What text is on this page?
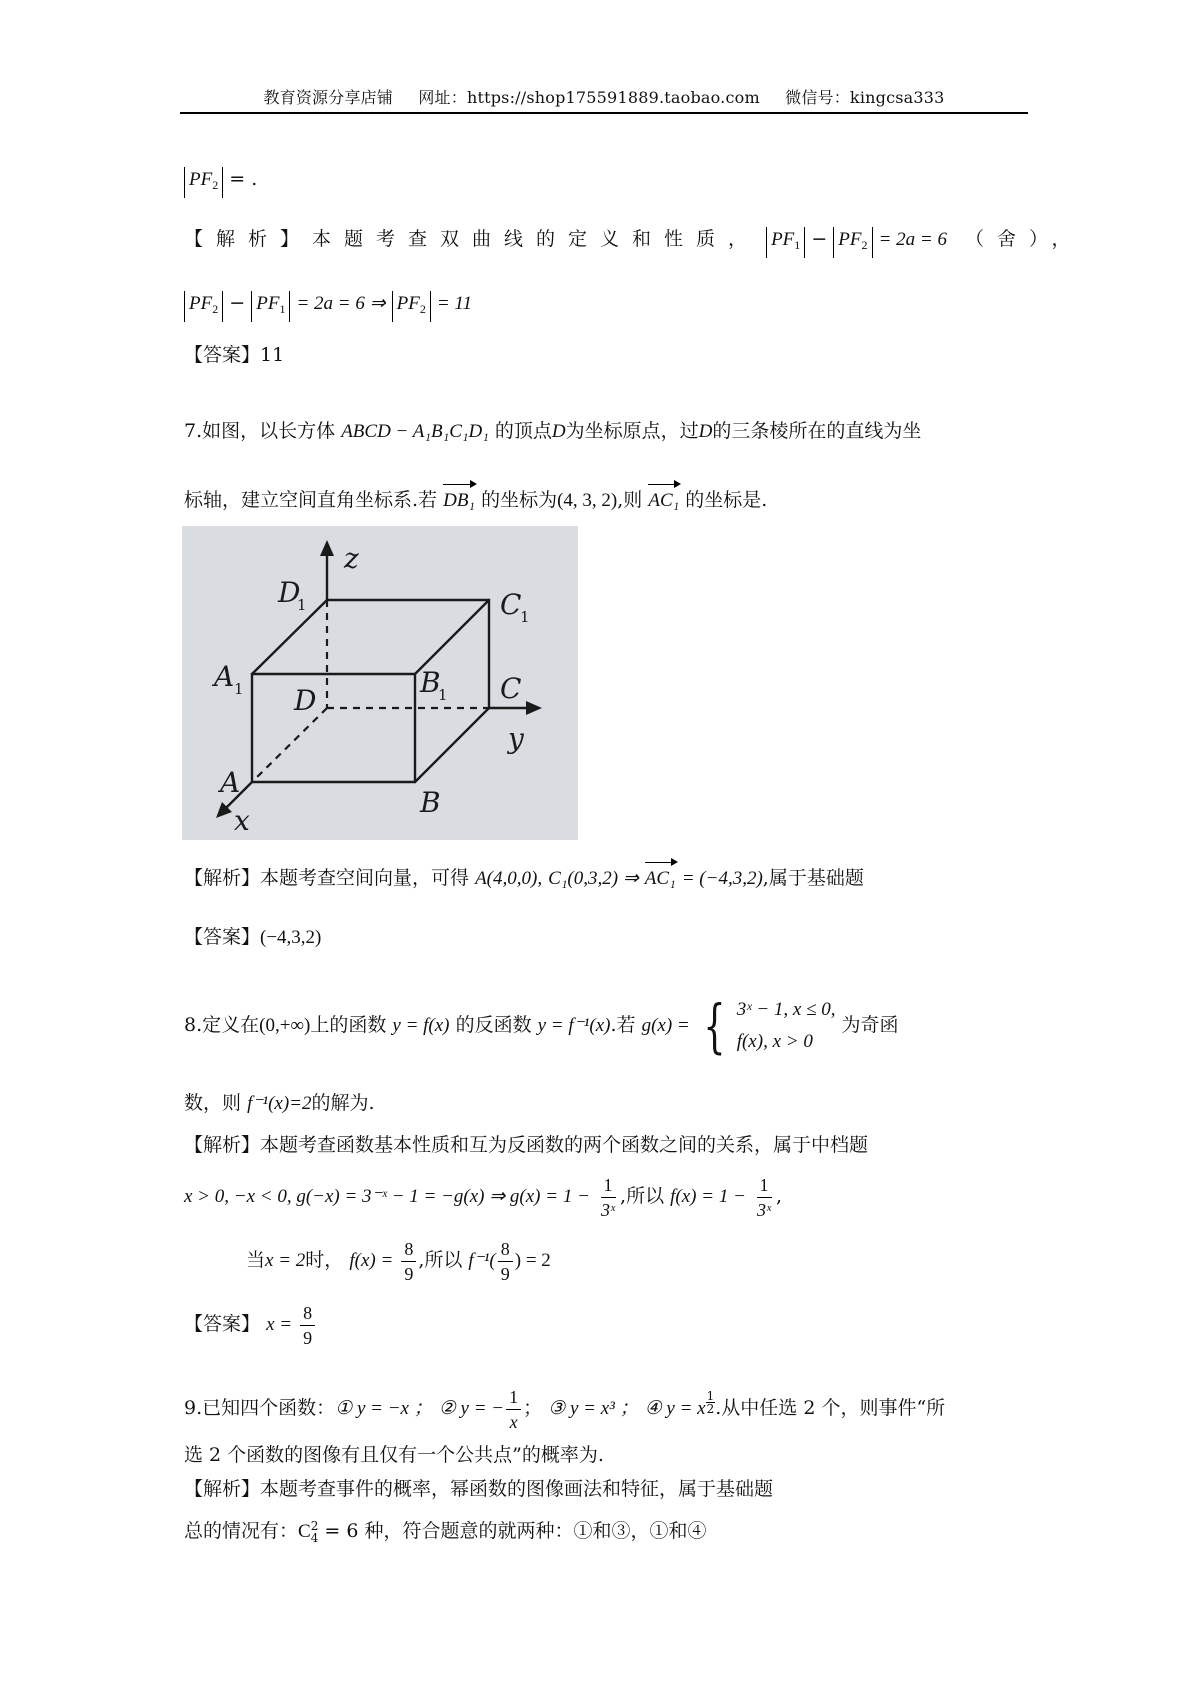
教育资源分享店铺 网址：https://shop175591889.taobao.com 微信号：kingcsa333
$PF_2$ = .
【解析】本题考查双曲线的定义和性质， $PF_1 - PF_2 = 2a = 6$ （舍），
$PF_2 - PF_1 = 2a = 6$ ⇒ $PF_2 = 11$
【答案】11
7.如图，以长方体 ABCD − A₁B₁C₁D₁ 的顶点D为坐标原点，过D的三条棱所在的直线为坐
标轴，建立空间直角坐标系.若 DB₁ 的坐标为(4, 3, 2),则 AC₁ 的坐标是.
【解析】本题考查空间向量，可得 A(4,0,0), C₁(0,3,2) ⇒ AC₁ = (−4,3,2),属于基础题
【答案】(−4,3,2)
8.定义在(0,+∞)上的函数 y = f(x) 的反函数 y = f⁻¹(x).若 g(x) = { 3ˣ − 1, x ≤ 0,
f(x), x > 0
为奇函
数，则 f⁻¹(x)=2的解为.
【解析】本题考查函数基本性质和互为反函数的两个函数之间的关系，属于中档题
x > 0, −x < 0, g(−x) = 3⁻ˣ − 1 = −g(x) ⇒ $g(x) = 1 - \frac{1}{\text{3ˣ}}$ ,所以 $f(x) = 1 - \frac{1}{\text{3ˣ}}$ ,
当x = 2时， $f(x) = \frac{8}{9}$ ,所以 $f^{-1}( \frac{8}{9}$ ) = 2
【答案】 $x = \frac{8}{9}$
9.已知四个函数：① y = −x ； ② y = − $\frac{1}{x}$ ； ③ y = x³ ； ④ y = x $\frac{1}{2}$ .从中任选 2 个，则事件“所
选 2 个函数的图像有且仅有一个公共点”的概率为.
【解析】本题考查事件的概率，幂函数的图像画法和特征，属于基础题
总的情况有：C 2
4 = 6 种，符合题意的就两种：①和③，①和④
z
y
x
D	C
A	B
D	C
A
B
1
1
1	1
